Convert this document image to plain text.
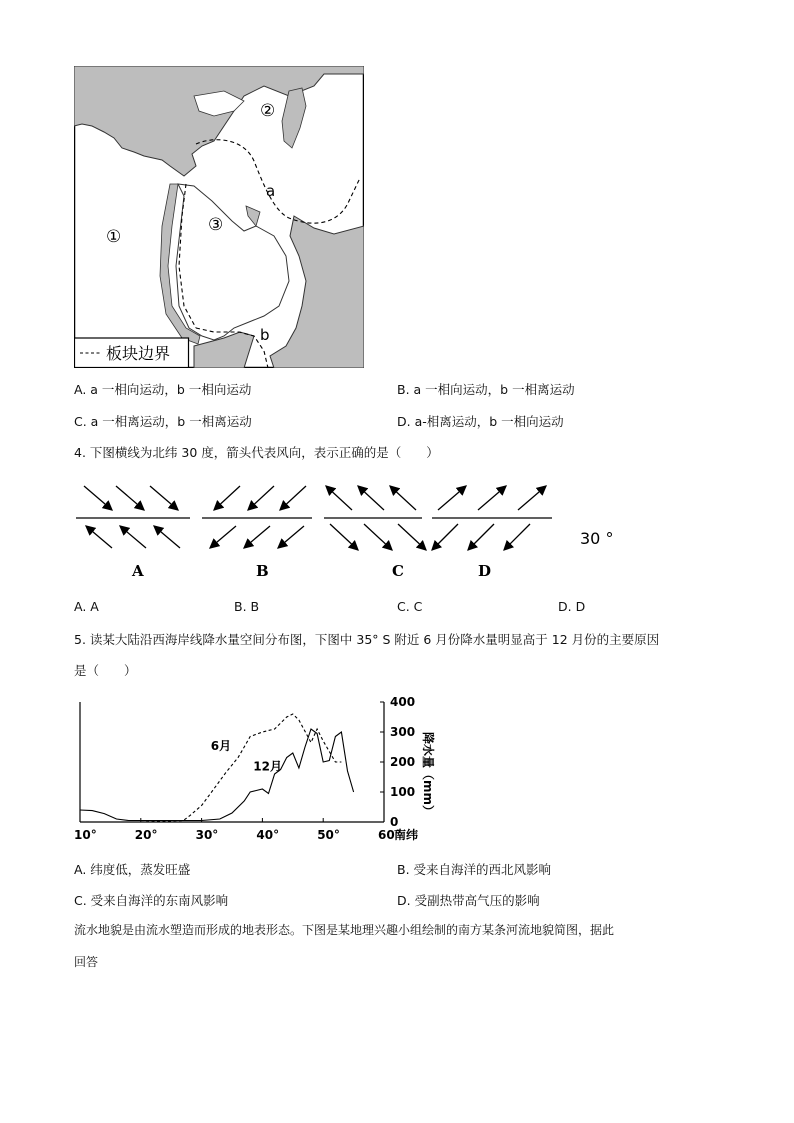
①
②
③
a
b
板块边界
A. a 一相向运动，b 一相向运动	B. a 一相向运动，b 一相离运动
C. a 一相离运动，b 一相离运动	D. a-相离运动，b 一相向运动
4. 下图横线为北纬 30 度，箭头代表风向，表示正确的是（　　）
A	B	C	D
30 °
A. A	B. B	C. C	D. D
5. 读某大陆沿西海岸线降水量空间分布图，下图中 35° S 附近 6 月份降水量明显高于 12 月份的主要原因
是（　　）
10°	20°	30°	40°	50°	60°
南纬
0
100
200
300
400
降水量（mm）
6月
12月
A. 纬度低，蒸发旺盛	B. 受来自海洋的西北风影响
C. 受来自海洋的东南风影响	D. 受副热带高气压的影响
流水地貌是由流水塑造而形成的地表形态。下图是某地理兴趣小组绘制的南方某条河流地貌简图，据此
回答
